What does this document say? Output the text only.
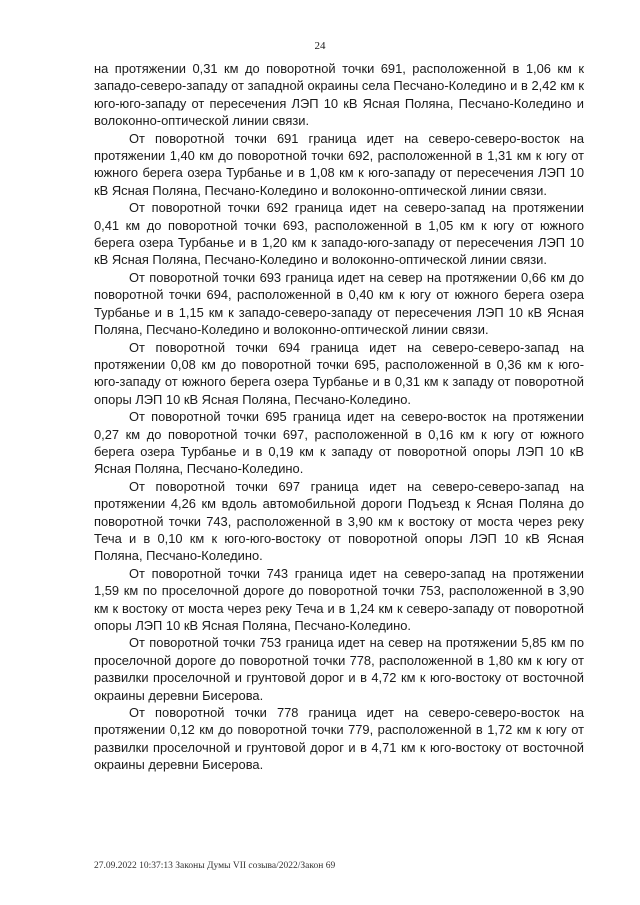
24

на протяжении 0,31 км до поворотной точки 691, расположенной в 1,06 км к западо-северо-западу от западной окраины села Песчано-Коледино и в 2,42 км к юго-юго-западу от пересечения ЛЭП 10 кВ Ясная Поляна, Песчано-Коледино и волоконно-оптической линии связи.

От поворотной точки 691 граница идет на северо-северо-восток на протяжении 1,40 км до поворотной точки 692, расположенной в 1,31 км к югу от южного берега озера Турбанье и в 1,08 км к юго-западу от пересечения ЛЭП 10 кВ Ясная Поляна, Песчано-Коледино и волоконно-оптической линии связи.

От поворотной точки 692 граница идет на северо-запад на протяжении 0,41 км до поворотной точки 693, расположенной в 1,05 км к югу от южного берега озера Турбанье и в 1,20 км к западо-юго-западу от пересечения ЛЭП 10 кВ Ясная Поляна, Песчано-Коледино и волоконно-оптической линии связи.

От поворотной точки 693 граница идет на север на протяжении 0,66 км до поворотной точки 694, расположенной в 0,40 км к югу от южного берега озера Турбанье и в 1,15 км к западо-северо-западу от пересечения ЛЭП 10 кВ Ясная Поляна, Песчано-Коледино и волоконно-оптической линии связи.

От поворотной точки 694 граница идет на северо-северо-запад на протяжении 0,08 км до поворотной точки 695, расположенной в 0,36 км к юго-юго-западу от южного берега озера Турбанье и в 0,31 км к западу от поворотной опоры ЛЭП 10 кВ Ясная Поляна, Песчано-Коледино.

От поворотной точки 695 граница идет на северо-восток на протяжении 0,27 км до поворотной точки 697, расположенной в 0,16 км к югу от южного берега озера Турбанье и в 0,19 км к западу от поворотной опоры ЛЭП 10 кВ Ясная Поляна, Песчано-Коледино.

От поворотной точки 697 граница идет на северо-северо-запад на протяжении 4,26 км вдоль автомобильной дороги Подъезд к Ясная Поляна до поворотной точки 743, расположенной в 3,90 км к востоку от моста через реку Теча и в 0,10 км к юго-юго-востоку от поворотной опоры ЛЭП 10 кВ Ясная Поляна, Песчано-Коледино.

От поворотной точки 743 граница идет на северо-запад на протяжении 1,59 км по проселочной дороге до поворотной точки 753, расположенной в 3,90 км к востоку от моста через реку Теча и в 1,24 км к северо-западу от поворотной опоры ЛЭП 10 кВ Ясная Поляна, Песчано-Коледино.

От поворотной точки 753 граница идет на север на протяжении 5,85 км по проселочной дороге до поворотной точки 778, расположенной в 1,80 км к югу от развилки проселочной и грунтовой дорог и в 4,72 км к юго-востоку от восточной окраины деревни Бисерова.

От поворотной точки 778 граница идет на северо-северо-восток на протяжении 0,12 км до поворотной точки 779, расположенной в 1,72 км к югу от развилки проселочной и грунтовой дорог и в 4,71 км к юго-востоку от восточной окраины деревни Бисерова.

27.09.2022 10:37:13 Законы Думы VII созыва/2022/Закон 69
